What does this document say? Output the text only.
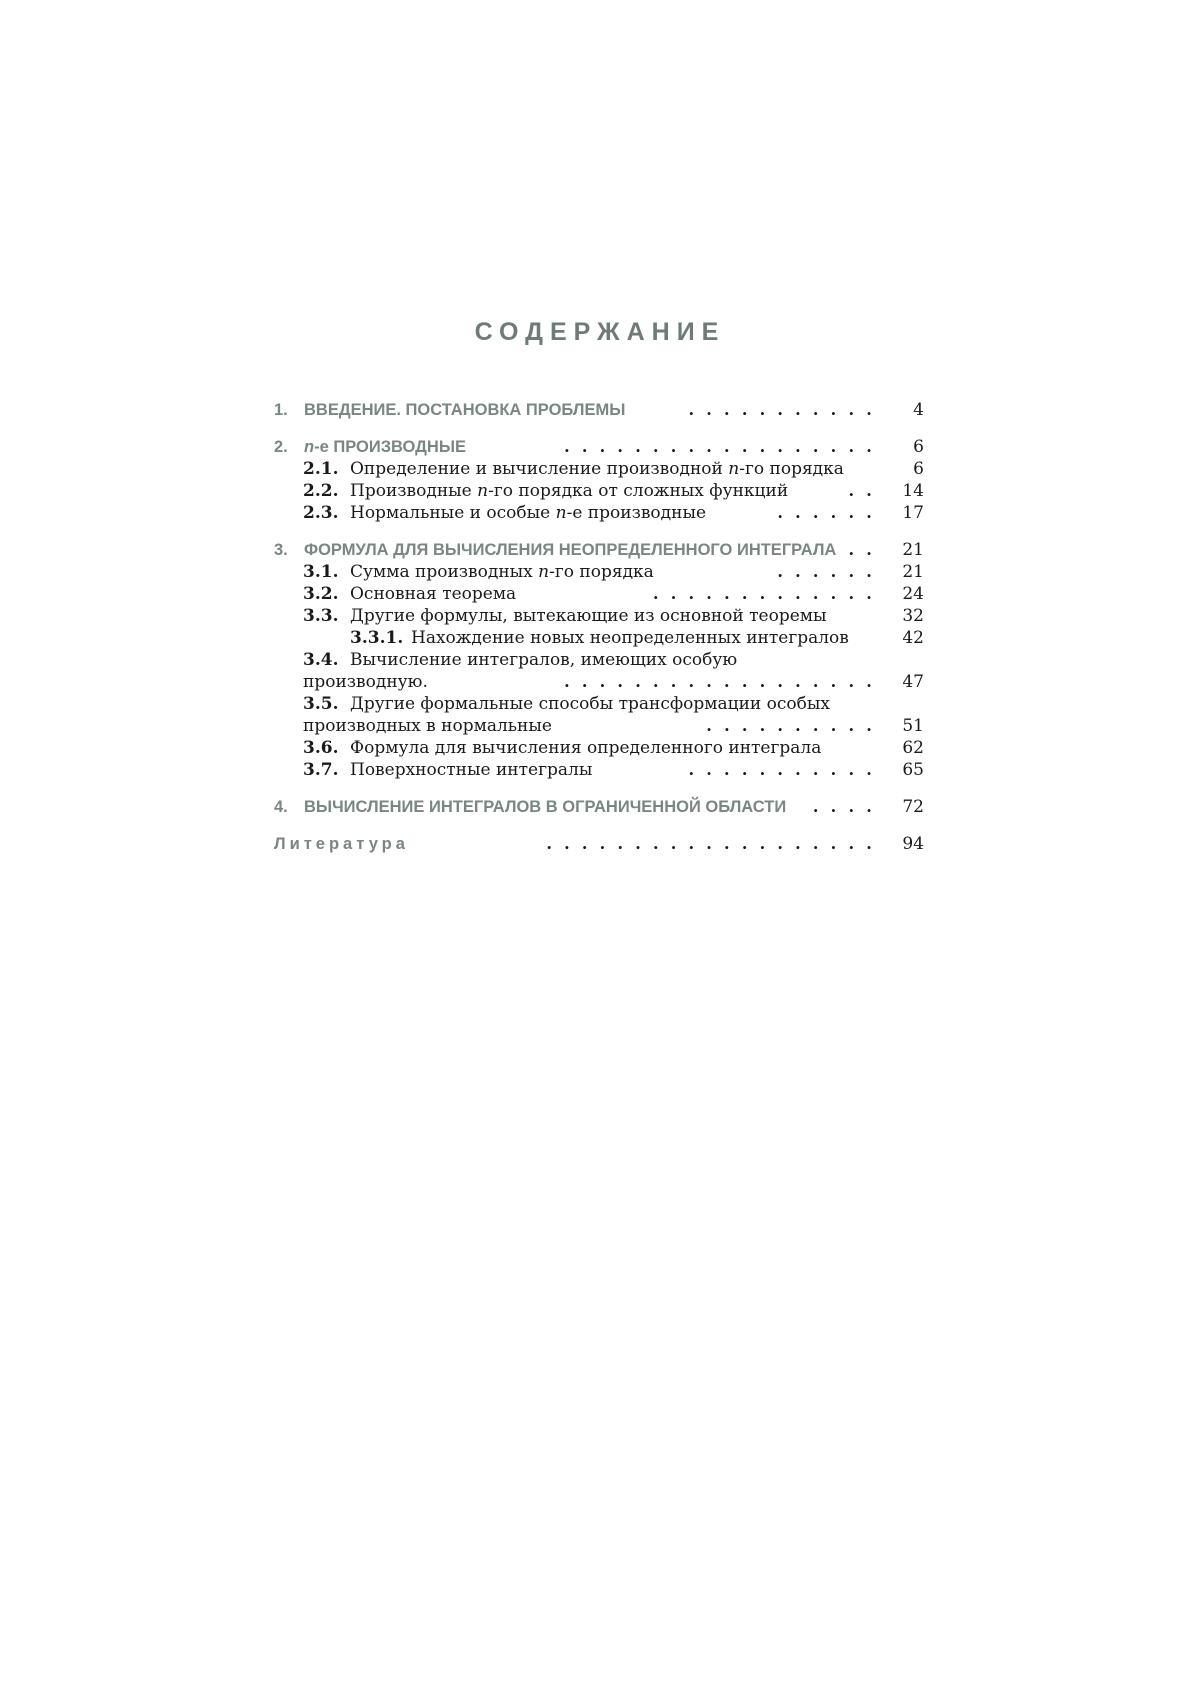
СОДЕРЖАНИЕ
1. ВВЕДЕНИЕ. ПОСТАНОВКА ПРОБЛЕМЫ	........... 4
2. n-е ПРОИЗВОДНЫЕ	.................. 6
2.1. Определение и вычисление производной n-го порядка	6
2.2. Производные n-го порядка от сложных функций	.. 14
2.3. Нормальные и особые n-е производные	...... 17
3. ФОРМУЛА ДЛЯ ВЫЧИСЛЕНИЯ НЕОПРЕДЕЛЕННОГО ИНТЕГРАЛА .. 21
3.1. Сумма производных n-го порядка	...... 21
3.2. Основная теорема	............. 24
3.3. Другие формулы, вытекающие из основной теоремы	32
3.3.1. Нахождение новых неопределенных интегралов	42
3.4. Вычисление интегралов, имеющих особую
производную.	.................. 47
3.5. Другие формальные способы трансформации особых
производных в нормальные	.......... 51
3.6. Формула для вычисления определенного интеграла	62
3.7. Поверхностные интегралы	........... 65
4. ВЫЧИСЛЕНИЕ ИНТЕГРАЛОВ В ОГРАНИЧЕННОЙ ОБЛАСТИ .... 72
Литература	................... 94
